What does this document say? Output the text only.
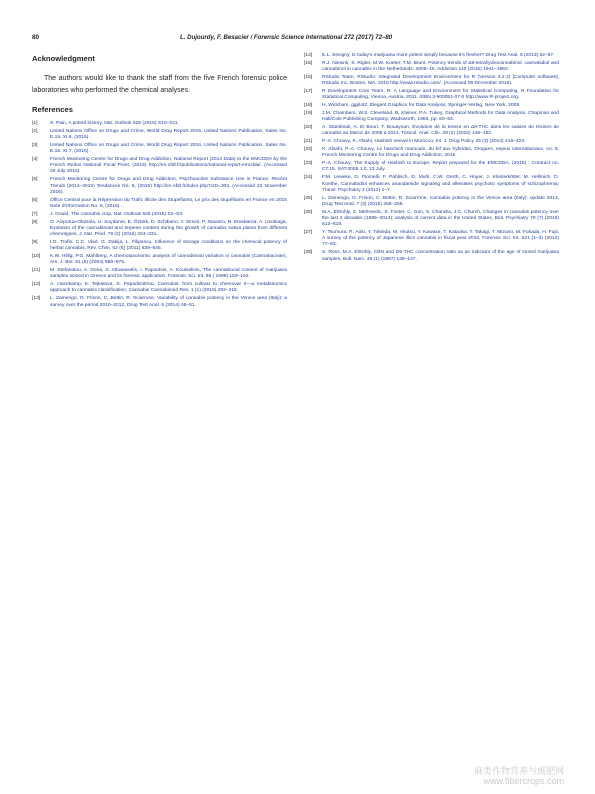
80	L. Dujourdy, F. Besacier / Forensic Science International 272 (2017) 72–80
Acknowledgment

The authors would like to thank the staff from the five French forensic police laboratories who performed the chemical analyses.

References
[1]	S. Pain, A potted history, Nat. Outlook 525 (2015) S10–S11.
[2]	United Nations Office on Drugs and Crime, World Drug Report 2015, United Nations Publication, Sales No. E.15. XI.6, (2015) .
[3]	United Nations Office on Drugs and Crime, World Drug Report 2016, United Nations Publication, Sales No. E.16. XI.7, (2016) .
[4]	French Monitoring Centre for Drugs and Drug Addiction, National Report (2014 Data) to the EMCDDA by the French Reitox National Focal Point, (2015) http://en.ofdt.fr/publications/national-report-emcdda/. (Accessed 26 July 2016).
[5]	French Monitoring Centre for Drugs and Drug Addiction, Psychoactive Substance Use in France: Recent Trends (2014–2015) Tendances No. 6, (2015) http://en.ofdt.fr/index.php?cID=303. (Accessed 22 November 2016).
[6]	Office Central pour la Répression du Trafic Illicite des Stupéfiants, Le prix des stupéfiants en France en 2015 Note d'information No. 6, (2016) .
[7]	J. Gould, The cannabis crop, Nat. Outlook 525 (2015) S2–S3.
[8]	O. Aizpurua-Olaizola, U. Soydaner, E. Öztürk, D. Schibano, Y. Simsir, P. Navarro, N. Etxebarria, A. Usobiaga, Evolution of the cannabinoid and terpene content during the growth of cannabis sativa plants from different chemotypes, J. Nat. Prod. 79 (2) (2016) 324–331.
[9]	I.G. Trofin, C.C. Vlad, G. Dabija, L. Filipescu, Influence of storage conditions on the chemical potency of herbal cannabis, Rev. Chim. 62 (6) (2011) 639–645.
[10] K.W. Hillig, P.G. Mahlberg, A chemotaxonomic analysis of cannabinoid variation in cannabis (Cannabaceae), Am. J. Bot. 91 (6) (2004) 966–975.
[11] M. Stefanidou, A. Dona, S. Athanaselis, I. Papoutsis, A. Koutselinis, The cannabinoid content of marijuana samples seized in Greece and its forensic application, Forensic Sci. Int. 95 ( 1998) 153–162.
[12] A. Hazekamp, K. Tejkalova, S. Papadimitriou, Cannabis: from cultivar to chemovar II—a metabolomics approach to cannabis classification, Cannabis Cannabinoid Res. 1 (1) (2016) 202–215.
[13] L. Zamengo, G. Frison, C. Bettin, R. Sciarrone, Variability of cannabis potency in the Venice area (Italy): a survey over the period 2010–2012, Drug Test Anal. 6 (2014) 46–51.
[14] E.L. Sevigny, Is today's marijuana more potent simply because it's fresher? Drug Test Anal. 5 (2013) 62–67.
[15] R.J. Niesink, S. Rigter, M.W. Koeter, T.M. Brunt, Potency trends of Δ9-tetrahydrocannabinol, cannabidiol and cannabinol in cannabis in the Netherlands: 2005–15, Addiction 110 (2015) 1941–1950.
[16] RStudio Team, RStudio: Integrated Development Environment for R (Version 3.2.2) [Computer software], RStudio Inc, Boston, MA, 2015 http://www.rstudio.com/. (Accessed 09 December 2016).
[17] R Development Core Team, R: A Language and Environment for Statistical Computing, R Foundation for Statistical Computing, Vienna, Austria, 2011. ISBN 3-900051-07-0 http://www.R-project.org.
[18] H. Wickham, ggplot2: Elegant Graphics for Data Analysis, Springer-Verlag, New York, 2009.
[19] J.M. Chambers, W.S. Cleveland, B. Kleiner, P.A. Tukey, Graphical Methods for Data Analysis, Chapman and Hall/Cole Publishing Company, Wadsworth, 1983, pp. 60–63.
[20] A. Stambouli, A. El Bouri, T. Bouayoun, Évolution de la teneur en Δ9-THC dans les saisies de résines de cannabis au Maroc de 2005 à 2014, Toxicol. Anal. Clin. 28 (2) (2016) 146–152.
[21] P.-A. Chouvy, K. Afsahi, Hashish revival in Morocco, Int. J. Drug Policy 25 (3) (2014) 416–423.
[22] K. Afsahi, P.-A. Chouvy, Le haschich marocain, du kif aux hybrides, Drogues, enjeux internationaux, no. 8, French Monitoring Centre for Drugs and Drug Addiction, 2015.
[23] P.-A. Chouvy, The Supply of Hashish to Europe, Report prepared for the EMCDDA, (2015) . Contract no. CT.15. SAT.0055.1.0, 13 July.
[24] F.M. Leweke, D. Piomelli, F. Pahlisch, D. Muhl, C.W. Gerth, C. Hoyer, J. Klosterkötter, M. Hellmich, D. Koethe, Cannabidiol enhances anandamide signaling and alleviates psychotic symptoms of schizophrenia, Transl. Psychiatry 2 (2012) 1–7.
[25] L. Zamengo, G. Frison, C. Bettin, R. Sciarrone, Cannabis potency in the Venice area (Italy): update 2013, Drug Test Anal. 7 (3) (2015) 255–258.
[26] M.A. ElSohly, Z. Mehmedic, S. Foster, C. Gon, S. Chandra, J.C. Church, Changes in cannabis potency over the last 2 decades (1995–2014): analysis of current data in the United States, Biol. Psychiatry 79 (7) (2016) 613–619.
[27] Y. Tsumura, R. Aoki, Y. Tokieda, M. Akutsu, Y. Kawase, T. Kataoka, T. Takagi, T. Mizuno, M. Fukada, H. Fujii, A survey of the potency of Japanese illicit cannabis in fiscal year 2010, Forensic Sci. Int. 221 (1–3) (2012) 77–83.
[28] S. Ross, M.A. ElSohly, CBN and D9-THC concentration ratio as an indicator of the age of stored marijuana samples, Bull. Narc. 49 (1) (1997) 139–147.
麻类作物营养与施肥网
www.fibercrops.com
